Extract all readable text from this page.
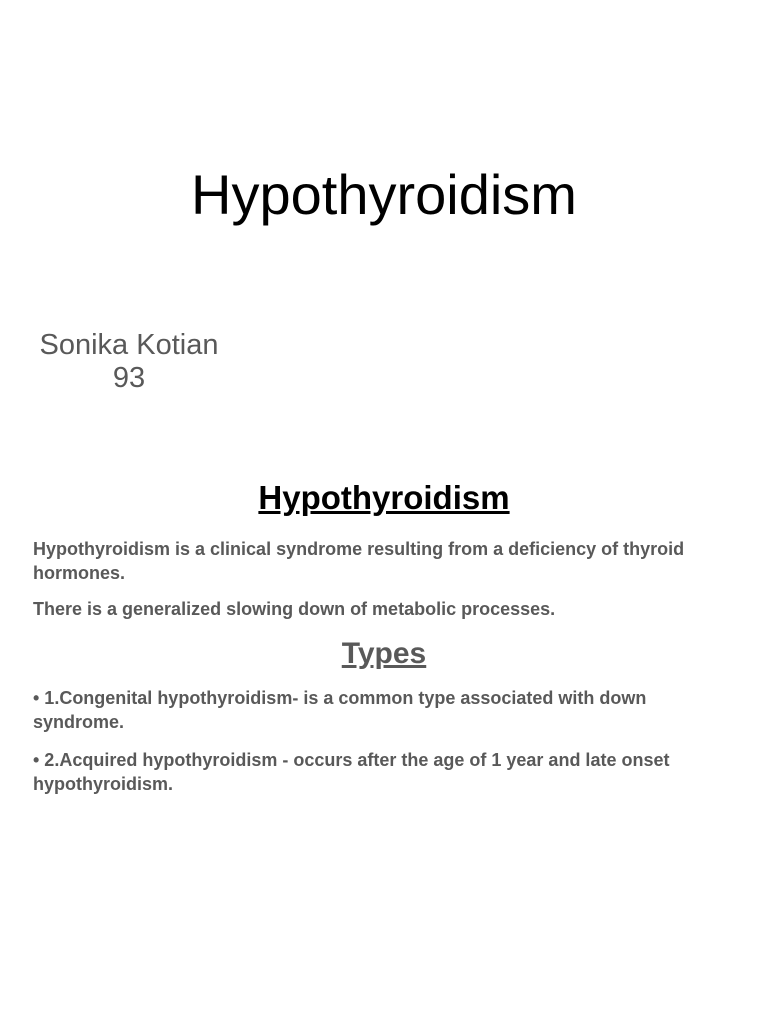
Hypothyroidism
Sonika Kotian
93
Hypothyroidism
Hypothyroidism is a clinical syndrome resulting from a deficiency of thyroid hormones.
There is a generalized slowing down of metabolic processes.
Types
• 1.Congenital hypothyroidism- is a common type associated with down syndrome.
• 2.Acquired hypothyroidism - occurs after the age of 1 year and late onset hypothyroidism.
